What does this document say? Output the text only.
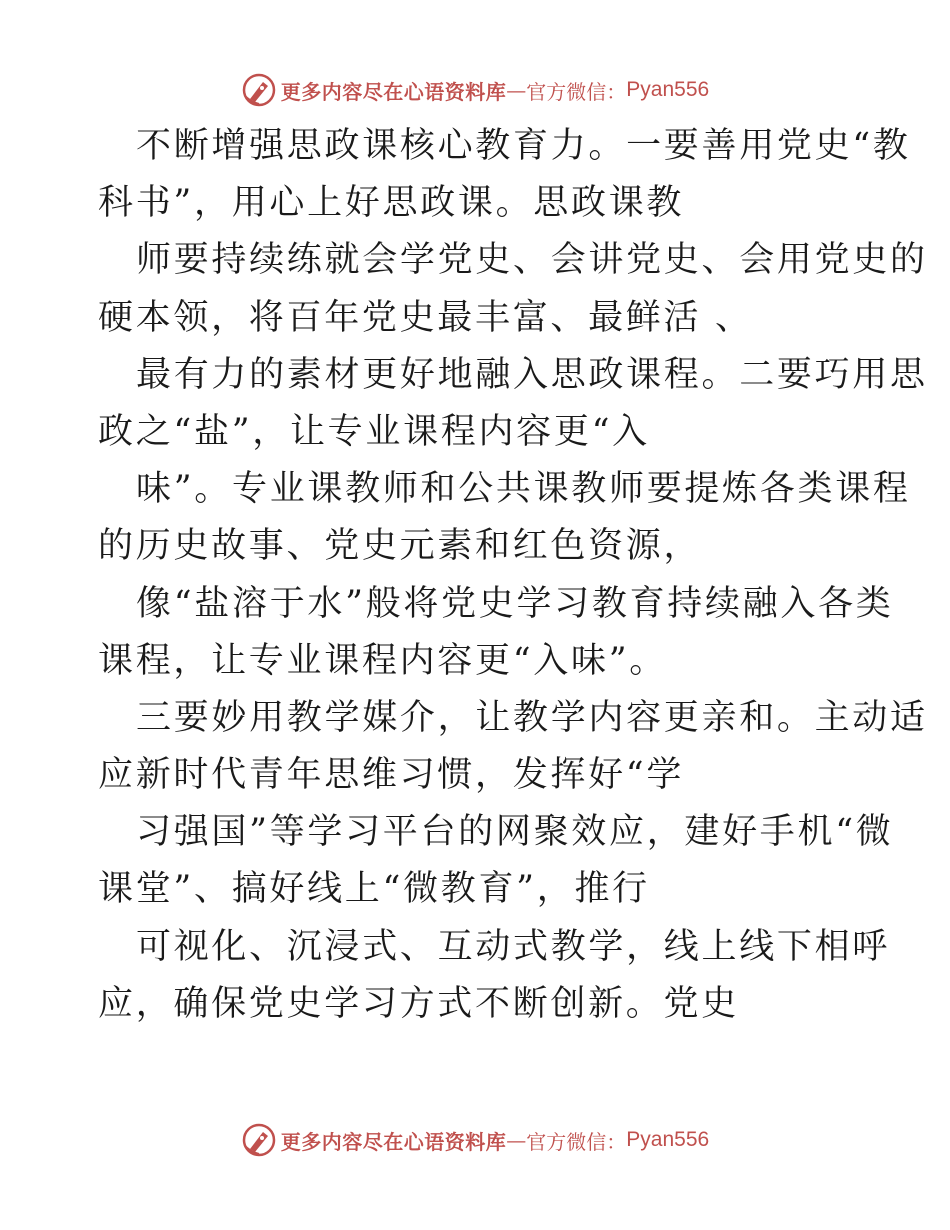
更多内容尽在心语资料库 — 官方微信： Pyan556
不断增强思政课核心教育力。一要善用党史“教
科书”，用心上好思政课。思政课教
师要持续练就会学党史、会讲党史、会用党史的
硬本领，将百年党史最丰富、最鲜活 、
最有力的素材更好地融入思政课程。二要巧用思
政之“盐”，让专业课程内容更“入
味”。专业课教师和公共课教师要提炼各类课程
的历史故事、党史元素和红色资源，
像“盐溶于水”般将党史学习教育持续融入各类
课程，让专业课程内容更“入味”。
三要妙用教学媒介，让教学内容更亲和。主动适
应新时代青年思维习惯，发挥好“学
习强国”等学习平台的网聚效应，建好手机“微
课堂”、搞好线上“微教育”，推行
可视化、沉浸式、互动式教学，线上线下相呼
应，确保党史学习方式不断创新。党史
更多内容尽在心语资料库 — 官方微信： Pyan556
